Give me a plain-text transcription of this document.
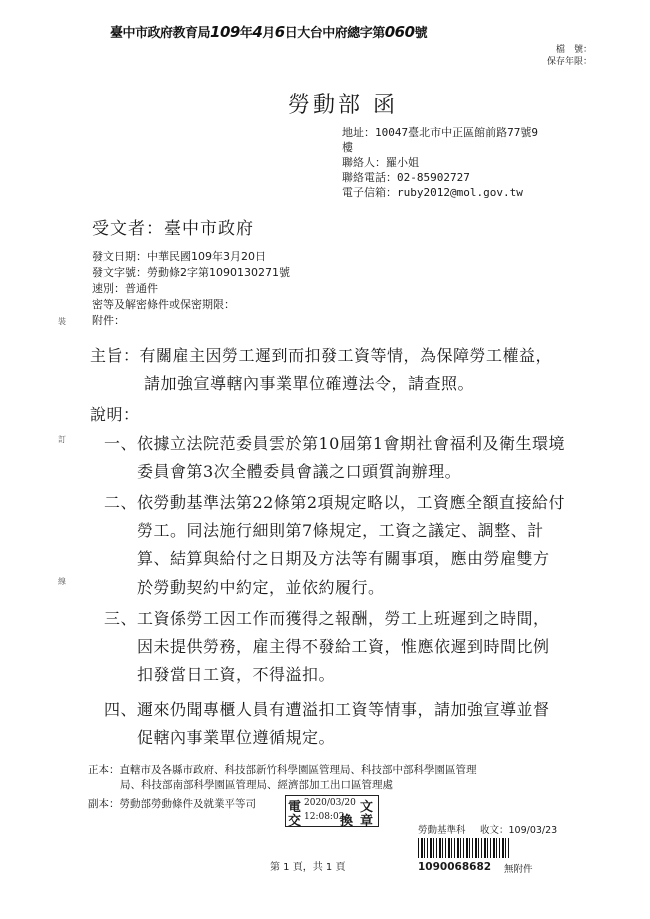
臺中市政府教育局109年4月6日大台中府總字第060號
檔　號：
保存年限：
勞動部 函
地址：10047臺北市中正區館前路77號9
樓
聯絡人：羅小姐
聯絡電話：02-85902727
電子信箱：ruby2012@mol.gov.tw
受文者：臺中市政府
發文日期：中華民國109年3月20日
發文字號：勞動條2字第1090130271號
速別：普通件
密等及解密條件或保密期限：
附件：
裝
訂
線
主旨：有關雇主因勞工遲到而扣發工資等情，為保障勞工權益，
請加強宣導轄內事業單位確遵法令，請查照。
說明：
一、依據立法院范委員雲於第10屆第1會期社會福利及衛生環境
委員會第3次全體委員會議之口頭質詢辦理。
二、依勞動基準法第22條第2項規定略以，工資應全額直接給付
勞工。同法施行細則第7條規定，工資之議定、調整、計
算、結算與給付之日期及方法等有關事項，應由勞雇雙方
於勞動契約中約定，並依約履行。
三、工資係勞工因工作而獲得之報酬，勞工上班遲到之時間，
因未提供勞務，雇主得不發給工資，惟應依遲到時間比例
扣發當日工資，不得溢扣。
四、邇來仍聞專櫃人員有遭溢扣工資等情事，請加強宣導並督
促轄內事業單位遵循規定。
正本：直轄市及各縣市政府、科技部新竹科學園區管理局、科技部中部科學園區管理
局、科技部南部科學園區管理局、經濟部加工出口區管理處
副本：勞動部勞動條件及就業平等司 電 2020/03/20 文
交 12:08:02
換 章
勞動基準科	收文：109/03/23
1090068682	無附件
第 1 頁，共 1 頁
